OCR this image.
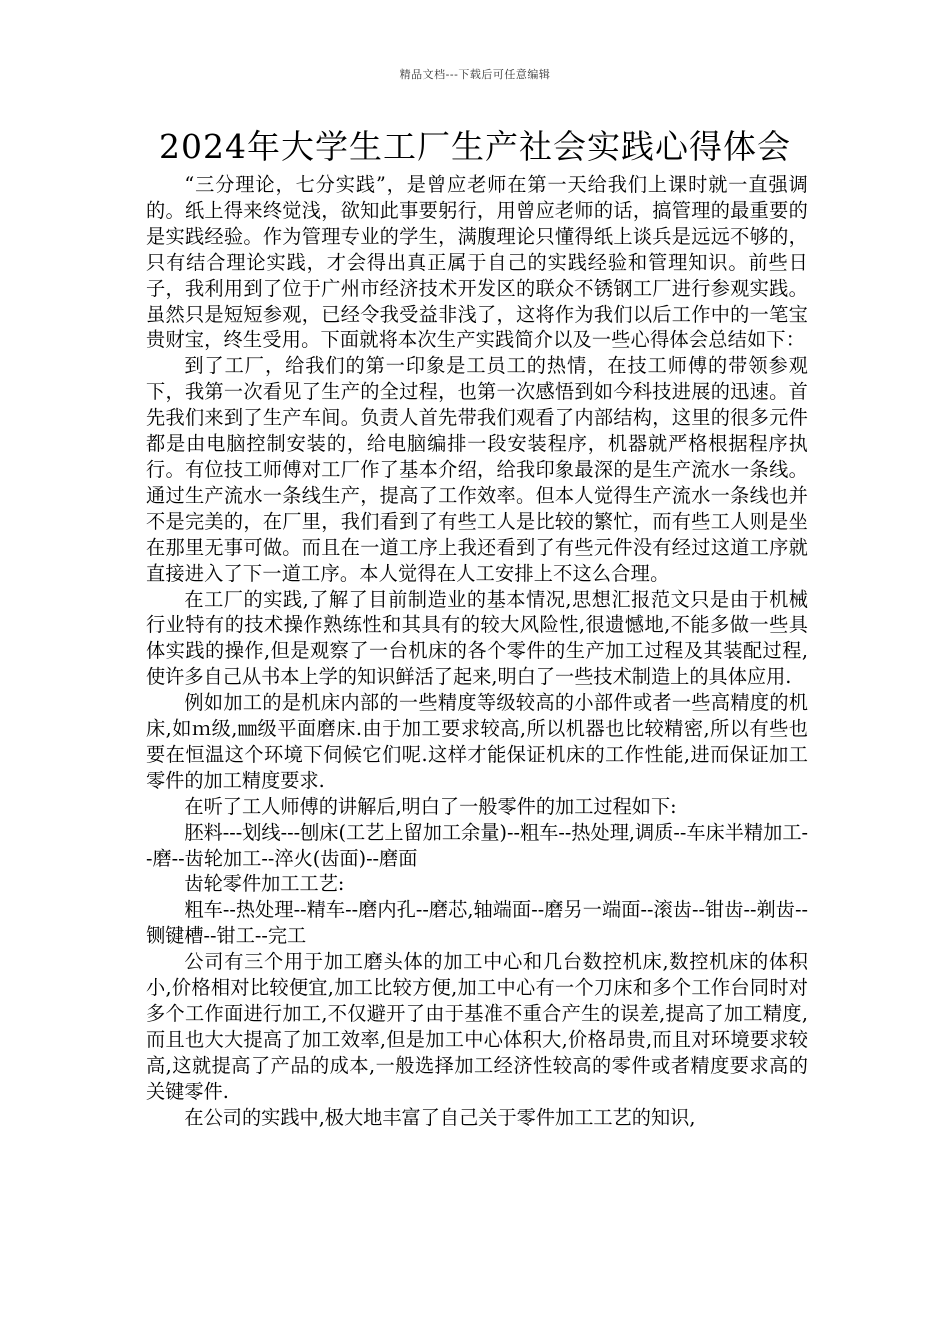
精品文档---下载后可任意编辑
2024年大学生工厂生产社会实践心得体会

“三分理论，七分实践”，是曾应老师在第一天给我们上课时就一直强调的。纸上得来终觉浅，欲知此事要躬行，用曾应老师的话，搞管理的最重要的是实践经验。作为管理专业的学生，满腹理论只懂得纸上谈兵是远远不够的，只有结合理论实践，才会得出真正属于自己的实践经验和管理知识。前些日子，我利用到了位于广州市经济技术开发区的联众不锈钢工厂进行参观实践。虽然只是短短参观，已经令我受益非浅了，这将作为我们以后工作中的一笔宝贵财宝，终生受用。下面就将本次生产实践简介以及一些心得体会总结如下：

到了工厂，给我们的第一印象是工员工的热情，在技工师傅的带领参观下，我第一次看见了生产的全过程，也第一次感悟到如今科技进展的迅速。首先我们来到了生产车间。负责人首先带我们观看了内部结构，这里的很多元件都是由电脑控制安装的，给电脑编排一段安装程序，机器就严格根据程序执行。有位技工师傅对工厂作了基本介绍，给我印象最深的是生产流水一条线。通过生产流水一条线生产，提高了工作效率。但本人觉得生产流水一条线也并不是完美的，在厂里，我们看到了有些工人是比较的繁忙，而有些工人则是坐在那里无事可做。而且在一道工序上我还看到了有些元件没有经过这道工序就直接进入了下一道工序。本人觉得在人工安排上不这么合理。

在工厂的实践,了解了目前制造业的基本情况,思想汇报范文只是由于机械行业特有的技术操作熟练性和其具有的较大风险性,很遗憾地,不能多做一些具体实践的操作,但是观察了一台机床的各个零件的生产加工过程及其装配过程,使许多自己从书本上学的知识鲜活了起来,明白了一些技术制造上的具体应用.

例如加工的是机床内部的一些精度等级较高的小部件或者一些高精度的机床,如ｍ级,㎜级平面磨床.由于加工要求较高,所以机器也比较精密,所以有些也要在恒温这个环境下伺候它们呢.这样才能保证机床的工作性能,进而保证加工零件的加工精度要求.

在听了工人师傅的讲解后,明白了一般零件的加工过程如下:

胚料---划线---刨床(工艺上留加工余量)--粗车--热处理,调质--车床半精加工--磨--齿轮加工--淬火(齿面)--磨面

齿轮零件加工工艺:

粗车--热处理--精车--磨内孔--磨芯,轴端面--磨另一端面--滚齿--钳齿--剃齿--铡键槽--钳工--完工

公司有三个用于加工磨头体的加工中心和几台数控机床,数控机床的体积小,价格相对比较便宜,加工比较方便,加工中心有一个刀床和多个工作台同时对多个工作面进行加工,不仅避开了由于基准不重合产生的误差,提高了加工精度,而且也大大提高了加工效率,但是加工中心体积大,价格昂贵,而且对环境要求较高,这就提高了产品的成本,一般选择加工经济性较高的零件或者精度要求高的关键零件.

在公司的实践中,极大地丰富了自己关于零件加工工艺的知识,
